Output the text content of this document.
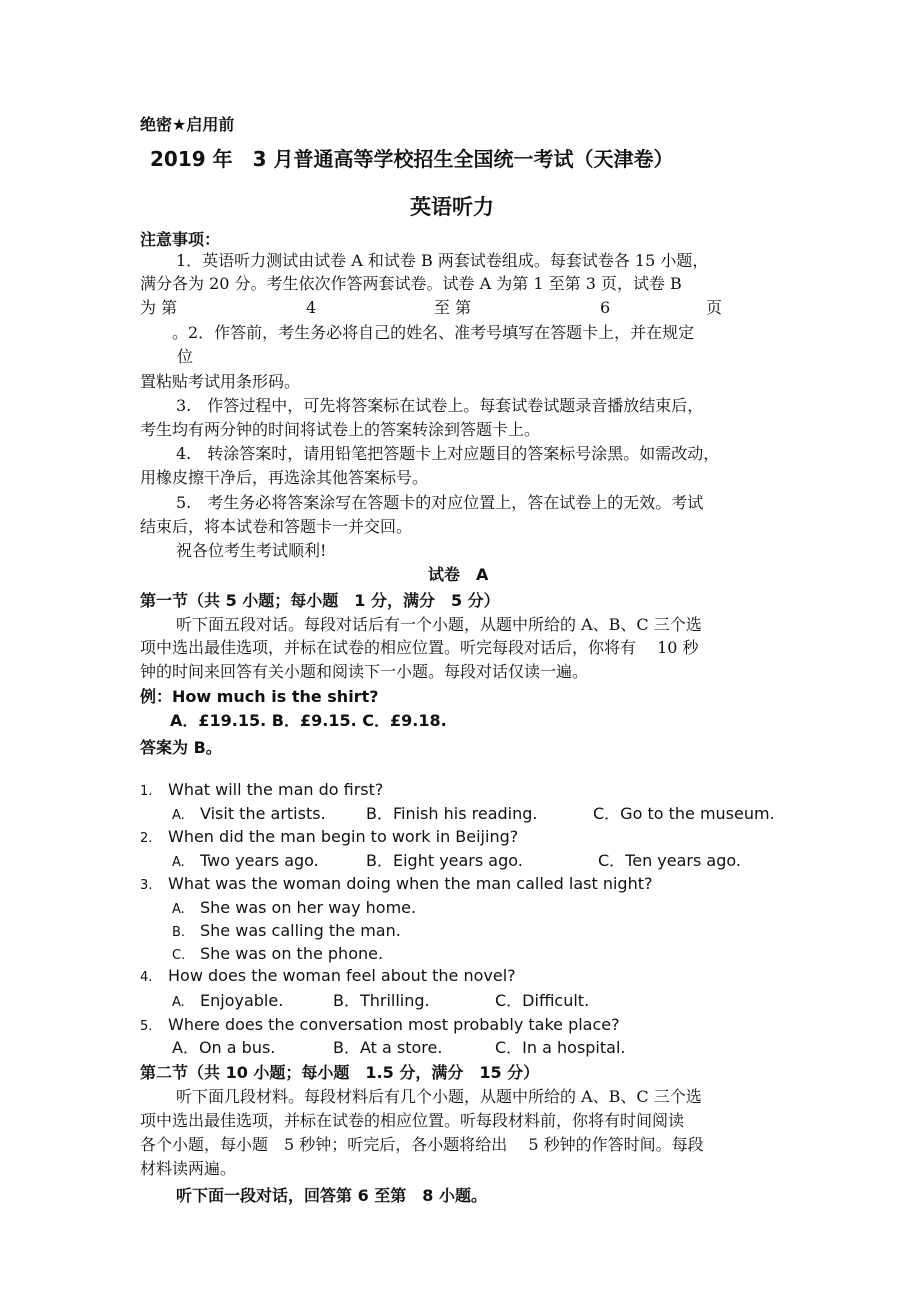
绝密★启用前
2019 年　3 月普通高等学校招生全国统一考试（天津卷）
英语听力
注意事项：
1．英语听力测试由试卷 A 和试卷 B 两套试卷组成。每套试卷各 15 小题，
满分各为 20 分。考生依次作答两套试卷。试卷 A 为第 1 至第 3 页，试卷 B
为 第	4	至 第	6	页
。2．作答前，考生务必将自己的姓名、准考号填写在答题卡上，并在规定
位
置粘贴考试用条形码。
3.　作答过程中，可先将答案标在试卷上。每套试卷试题录音播放结束后，
考生均有两分钟的时间将试卷上的答案转涂到答题卡上。
4.　转涂答案时，请用铅笔把答题卡上对应题目的答案标号涂黑。如需改动，
用橡皮擦干净后，再选涂其他答案标号。
5.　考生务必将答案涂写在答题卡的对应位置上，答在试卷上的无效。考试
结束后，将本试卷和答题卡一并交回。
祝各位考生考试顺利!
试卷　A
第一节（共 5 小题；每小题　1 分，满分　5 分）
听下面五段对话。每段对话后有一个小题，从题中所给的 A、B、C 三个选
项中选出最佳选项，并标在试卷的相应位置。听完每段对话后，你将有　 10 秒
钟的时间来回答有关小题和阅读下一小题。每段对话仅读一遍。
例：How much is the shirt?
A．£19.15. B．£9.15. C．£9.18.
答案为 B。
1. What will the man do first?
A. Visit the artists.	B．Finish his reading.	C．Go to the museum.
2. When did the man begin to work in Beijing?
A. Two years ago.	B．Eight years ago.	C．Ten years ago.
3. What was the woman doing when the man called last night?
A. She was on her way home.
B. She was calling the man.
C. She was on the phone.
4. How does the woman feel about the novel?
A. Enjoyable.	B．Thrilling.	C．Difficult.
5． Where does the conversation most probably take place?
A．On a bus.	B．At a store.	C．In a hospital.
第二节（共 10 小题；每小题　1.5 分，满分　15 分）
听下面几段材料。每段材料后有几个小题，从题中所给的 A、B、C 三个选
项中选出最佳选项，并标在试卷的相应位置。听每段材料前，你将有时间阅读
各个小题，每小题　5 秒钟；听完后，各小题将给出　 5 秒钟的作答时间。每段
材料读两遍。
听下面一段对话，回答第 6 至第　8 小题。
